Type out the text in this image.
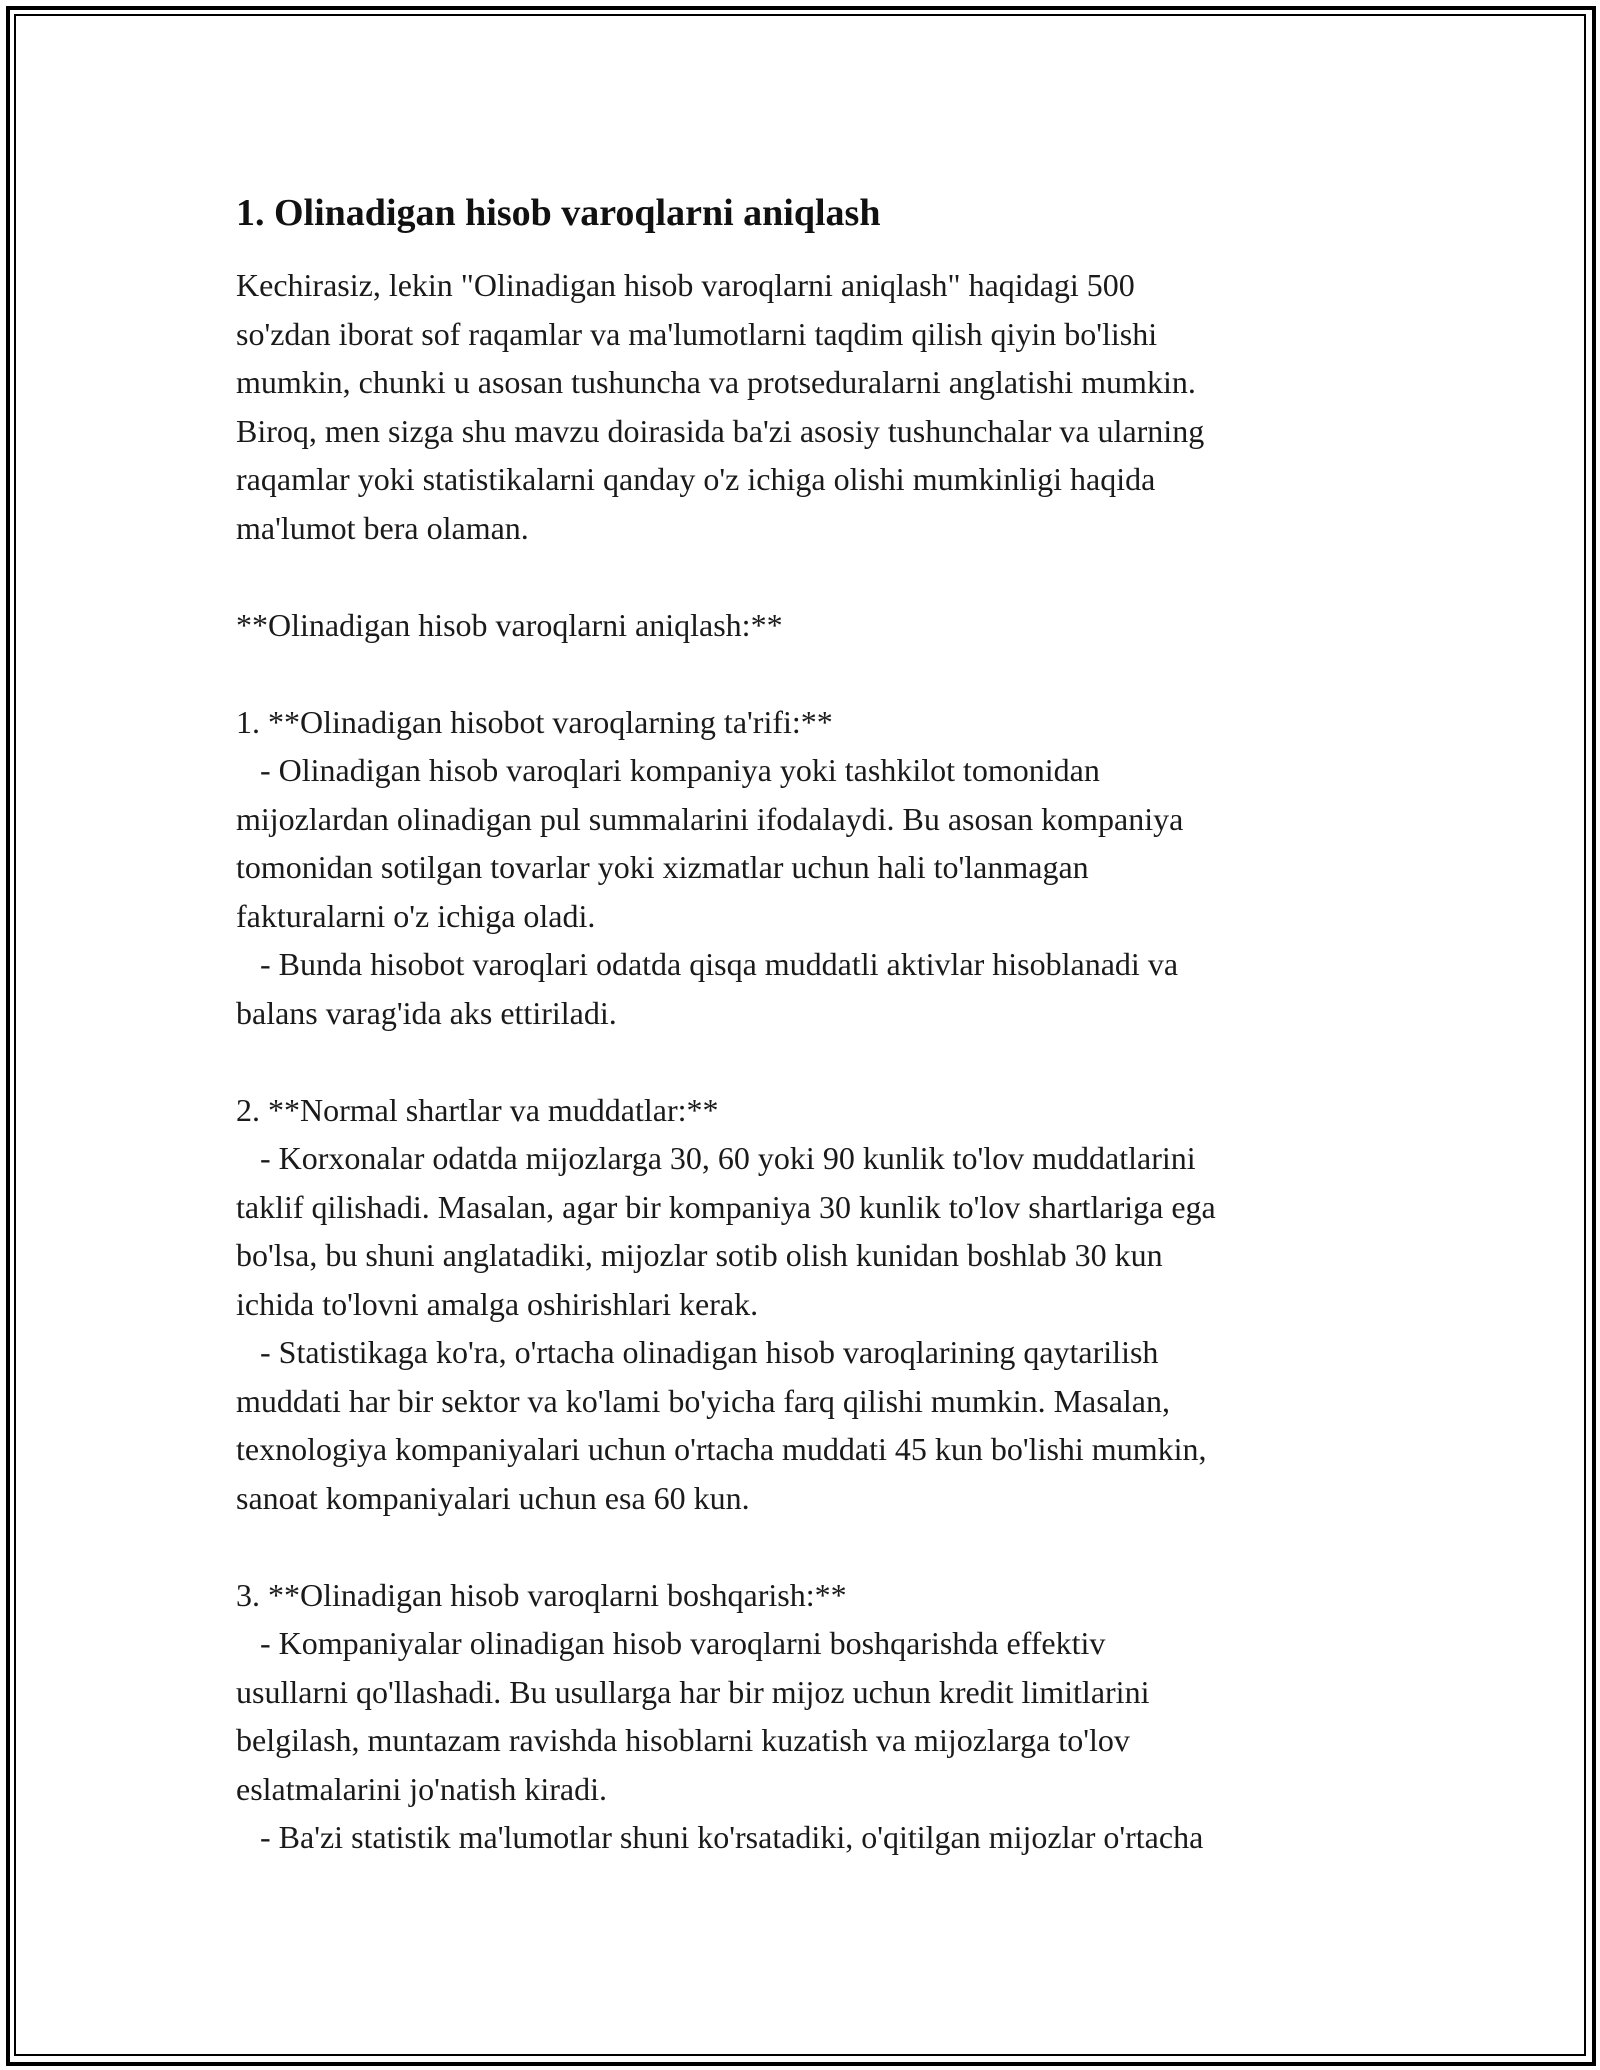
1. Olinadigan hisob varoqlarni aniqlash

Kechirasiz, lekin "Olinadigan hisob varoqlarni aniqlash" haqidagi 500

so'zdan iborat sof raqamlar va ma'lumotlarni taqdim qilish qiyin bo'lishi

mumkin, chunki u asosan tushuncha va protseduralarni anglatishi mumkin.

Biroq, men sizga shu mavzu doirasida ba'zi asosiy tushunchalar va ularning

raqamlar yoki statistikalarni qanday o'z ichiga olishi mumkinligi haqida

ma'lumot bera olaman.

**Olinadigan hisob varoqlarni aniqlash:**

1. **Olinadigan hisobot varoqlarning ta'rifi:**

- Olinadigan hisob varoqlari kompaniya yoki tashkilot tomonidan

mijozlardan olinadigan pul summalarini ifodalaydi. Bu asosan kompaniya

tomonidan sotilgan tovarlar yoki xizmatlar uchun hali to'lanmagan

fakturalarni o'z ichiga oladi.

- Bunda hisobot varoqlari odatda qisqa muddatli aktivlar hisoblanadi va

balans varag'ida aks ettiriladi.

2. **Normal shartlar va muddatlar:**

- Korxonalar odatda mijozlarga 30, 60 yoki 90 kunlik to'lov muddatlarini

taklif qilishadi. Masalan, agar bir kompaniya 30 kunlik to'lov shartlariga ega

bo'lsa, bu shuni anglatadiki, mijozlar sotib olish kunidan boshlab 30 kun

ichida to'lovni amalga oshirishlari kerak.

- Statistikaga ko'ra, o'rtacha olinadigan hisob varoqlarining qaytarilish

muddati har bir sektor va ko'lami bo'yicha farq qilishi mumkin. Masalan,

texnologiya kompaniyalari uchun o'rtacha muddati 45 kun bo'lishi mumkin,

sanoat kompaniyalari uchun esa 60 kun.

3. **Olinadigan hisob varoqlarni boshqarish:**

- Kompaniyalar olinadigan hisob varoqlarni boshqarishda effektiv

usullarni qo'llashadi. Bu usullarga har bir mijoz uchun kredit limitlarini

belgilash, muntazam ravishda hisoblarni kuzatish va mijozlarga to'lov

eslatmalarini jo'natish kiradi.

- Ba'zi statistik ma'lumotlar shuni ko'rsatadiki, o'qitilgan mijozlar o'rtacha
